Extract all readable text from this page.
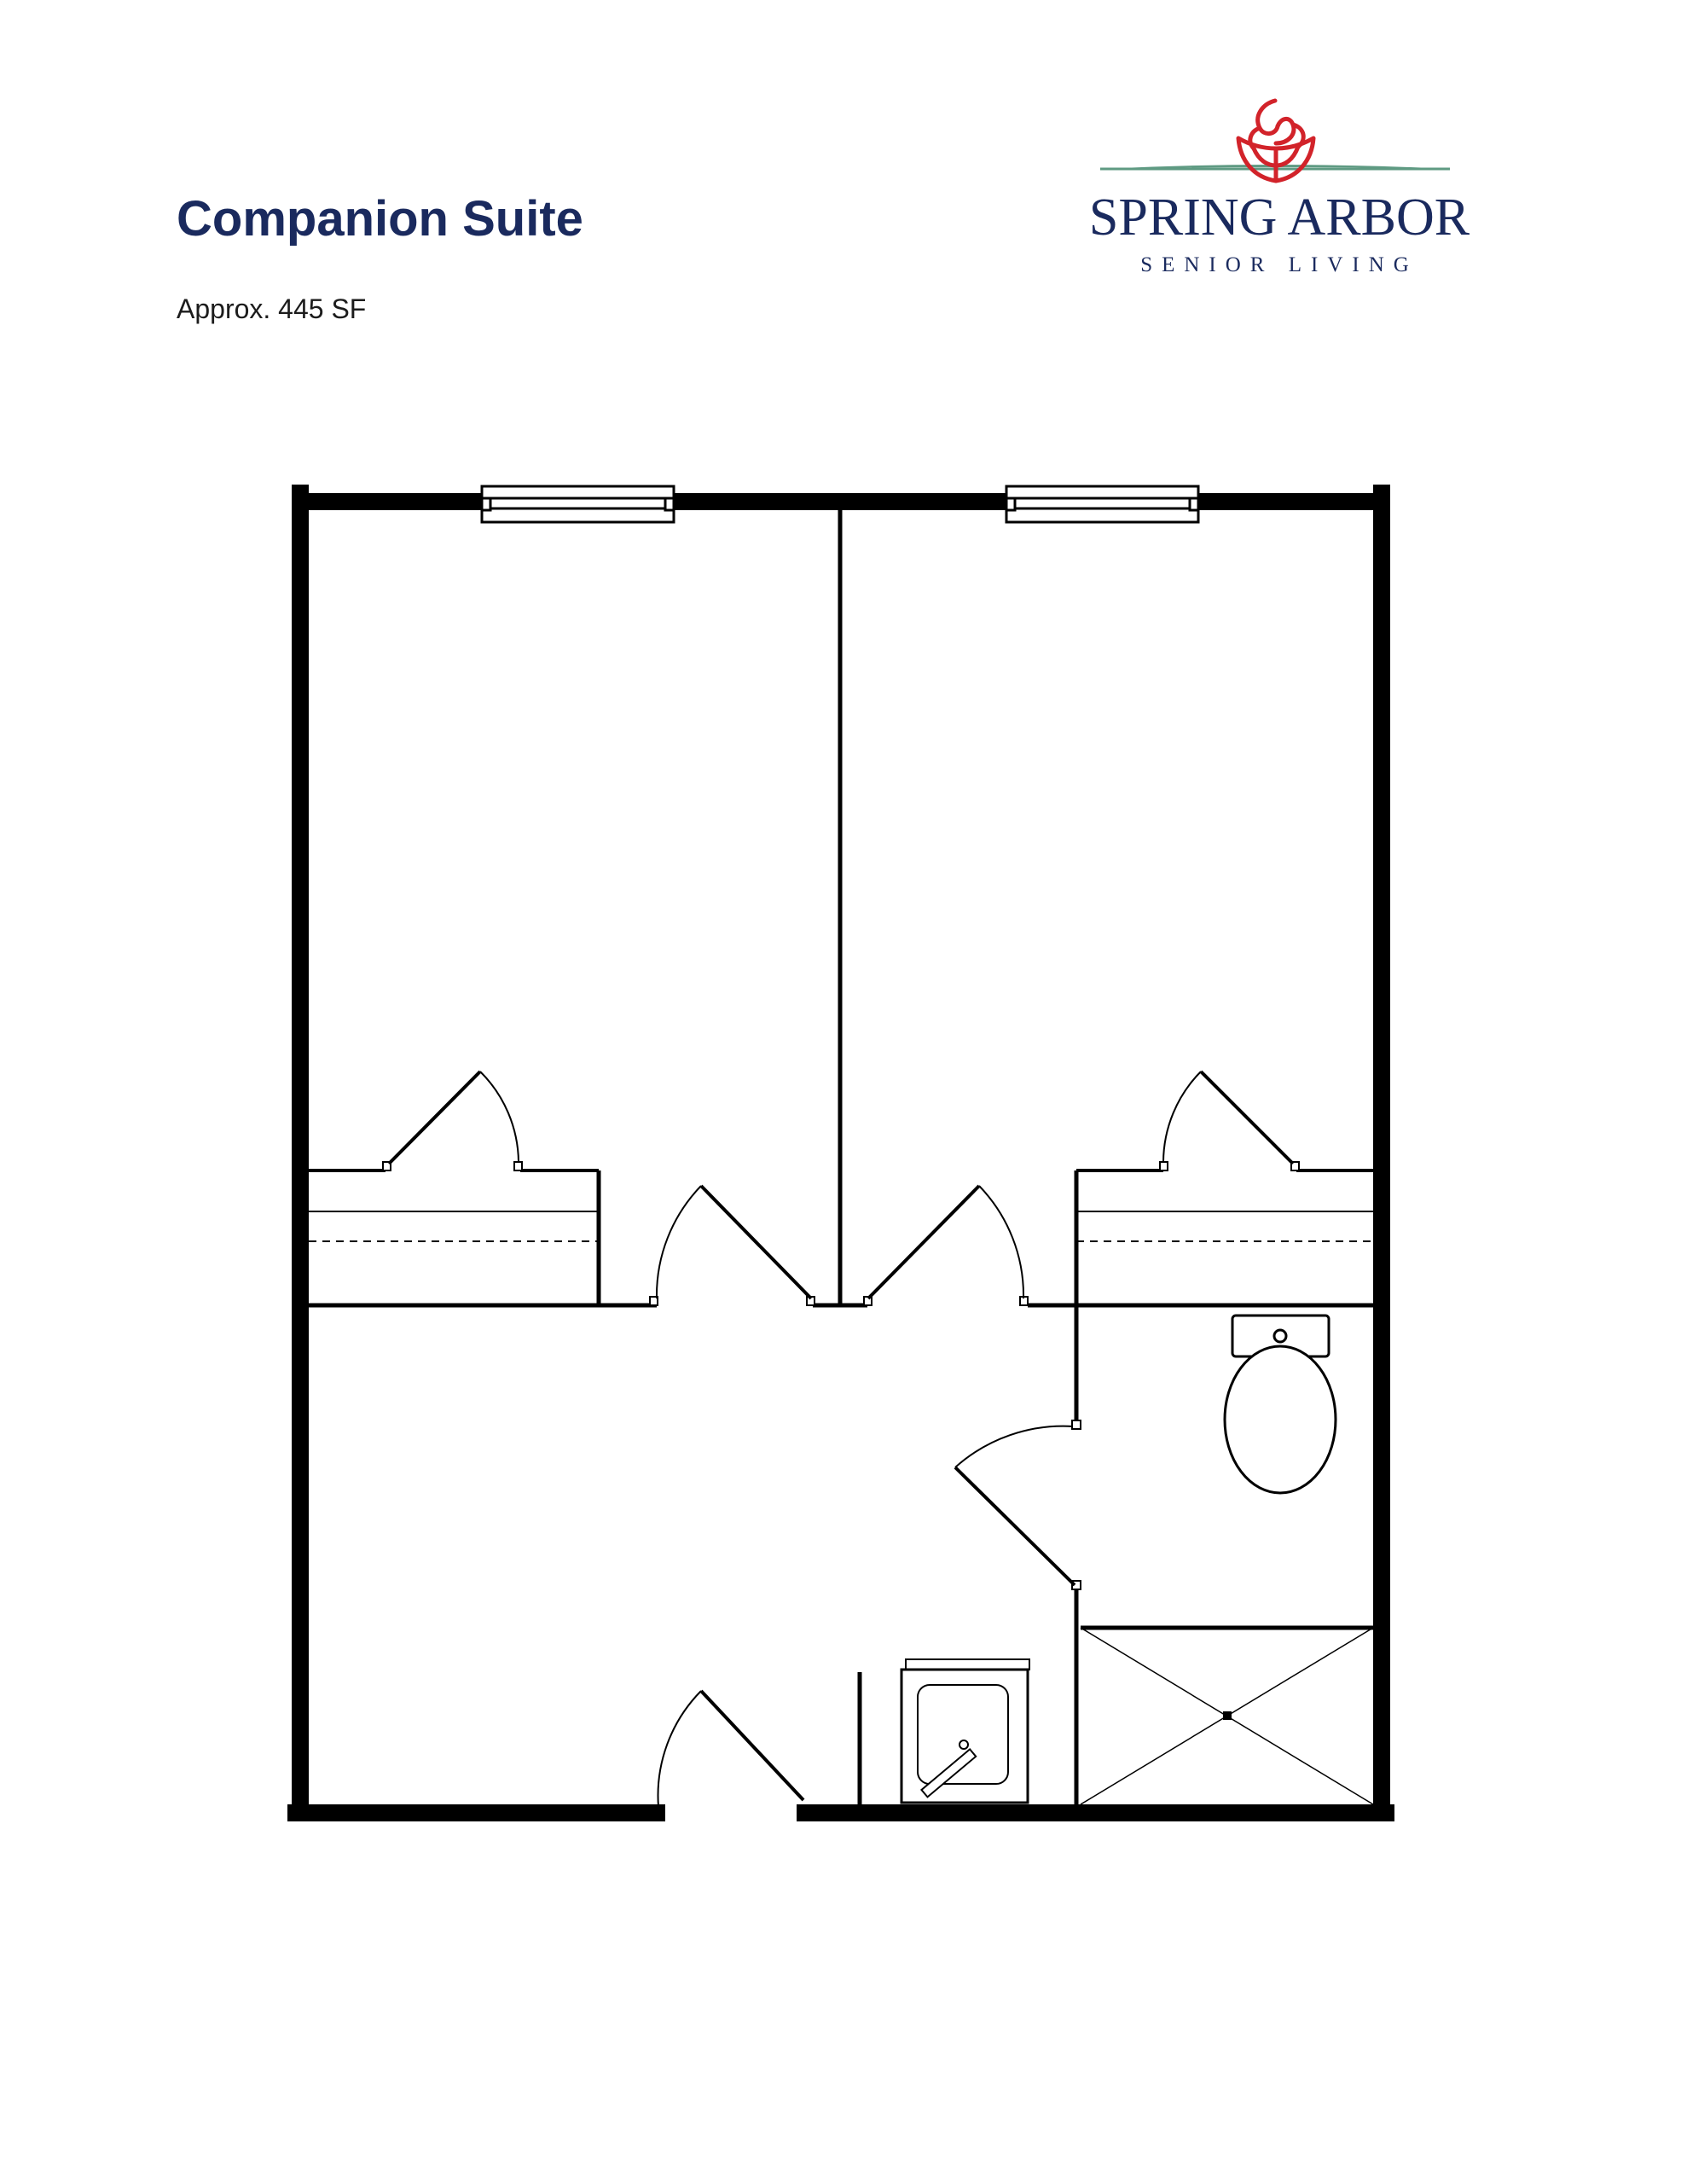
Companion Suite

Approx. 445 SF

SPRING ARBOR
SENIOR LIVING
